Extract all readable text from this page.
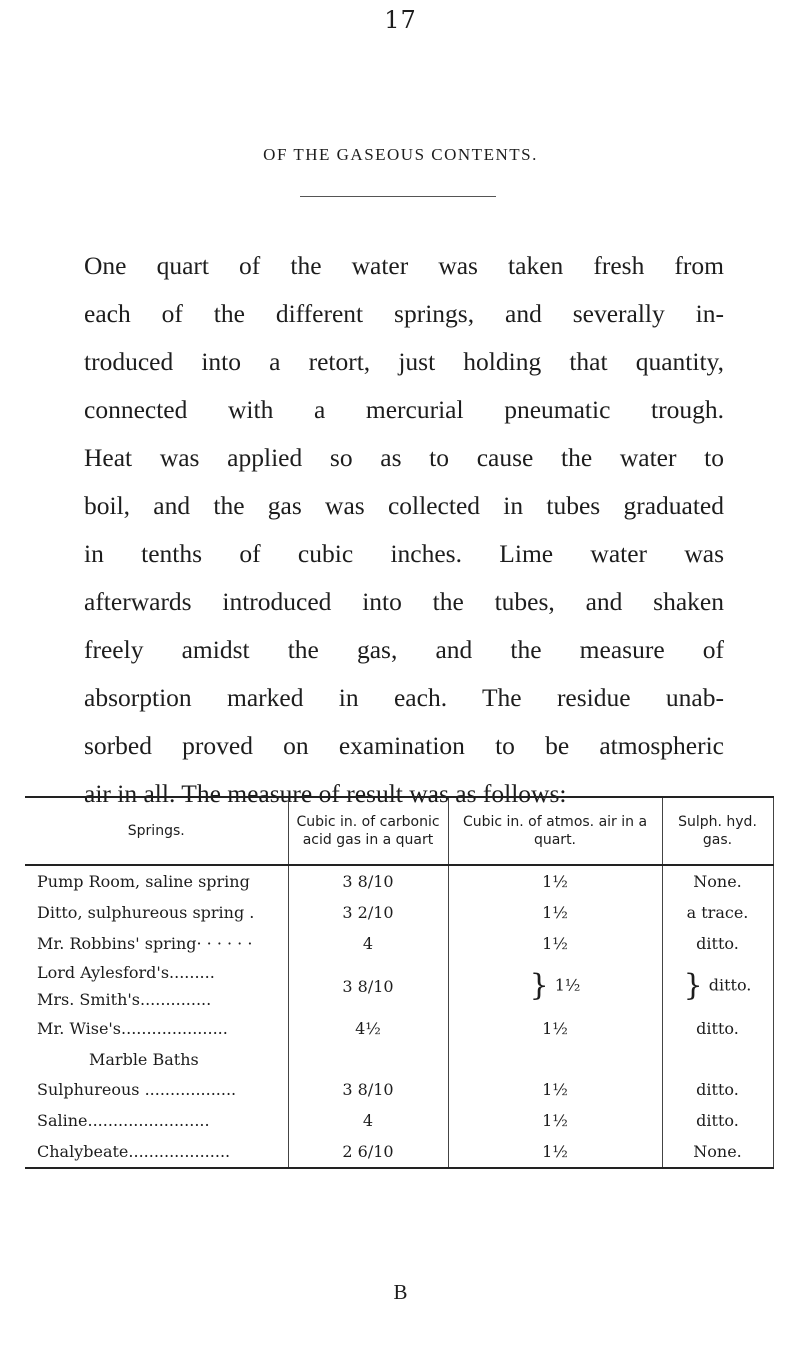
17
OF THE GASEOUS CONTENTS.
One quart of the water was taken fresh from
each of the different springs, and severally in-
troduced into a retort, just holding that quantity,
connected with a mercurial pneumatic trough.
Heat was applied so as to cause the water to
boil, and the gas was collected in tubes graduated
in tenths of cubic inches. Lime water was
afterwards introduced into the tubes, and shaken
freely amidst the gas, and the measure of
absorption marked in each. The residue unab-
sorbed proved on examination to be atmospheric
air in all. The measure of result was as follows:
Springs.	Cubic in. of carbonic acid gas in a quart	Cubic in. of atmos. air in a quart.	Sulph. hyd. gas.
Pump Room, saline spring	3 8/10	1½	None.
Ditto, sulphureous spring .	3 2/10	1½	a trace.
Mr. Robbins' spring· · · · · ·	4	1½	ditto.
Lord Aylesford's.........
Mrs. Smith's..............	3 8/10	} 1½	} ditto.
Mr. Wise's.....................	4½	1½	ditto.
Marble Baths			
Sulphureous ..................	3 8/10	1½	ditto.
Saline........................	4	1½	ditto.
Chalybeate....................	2 6/10	1½	None.
B
